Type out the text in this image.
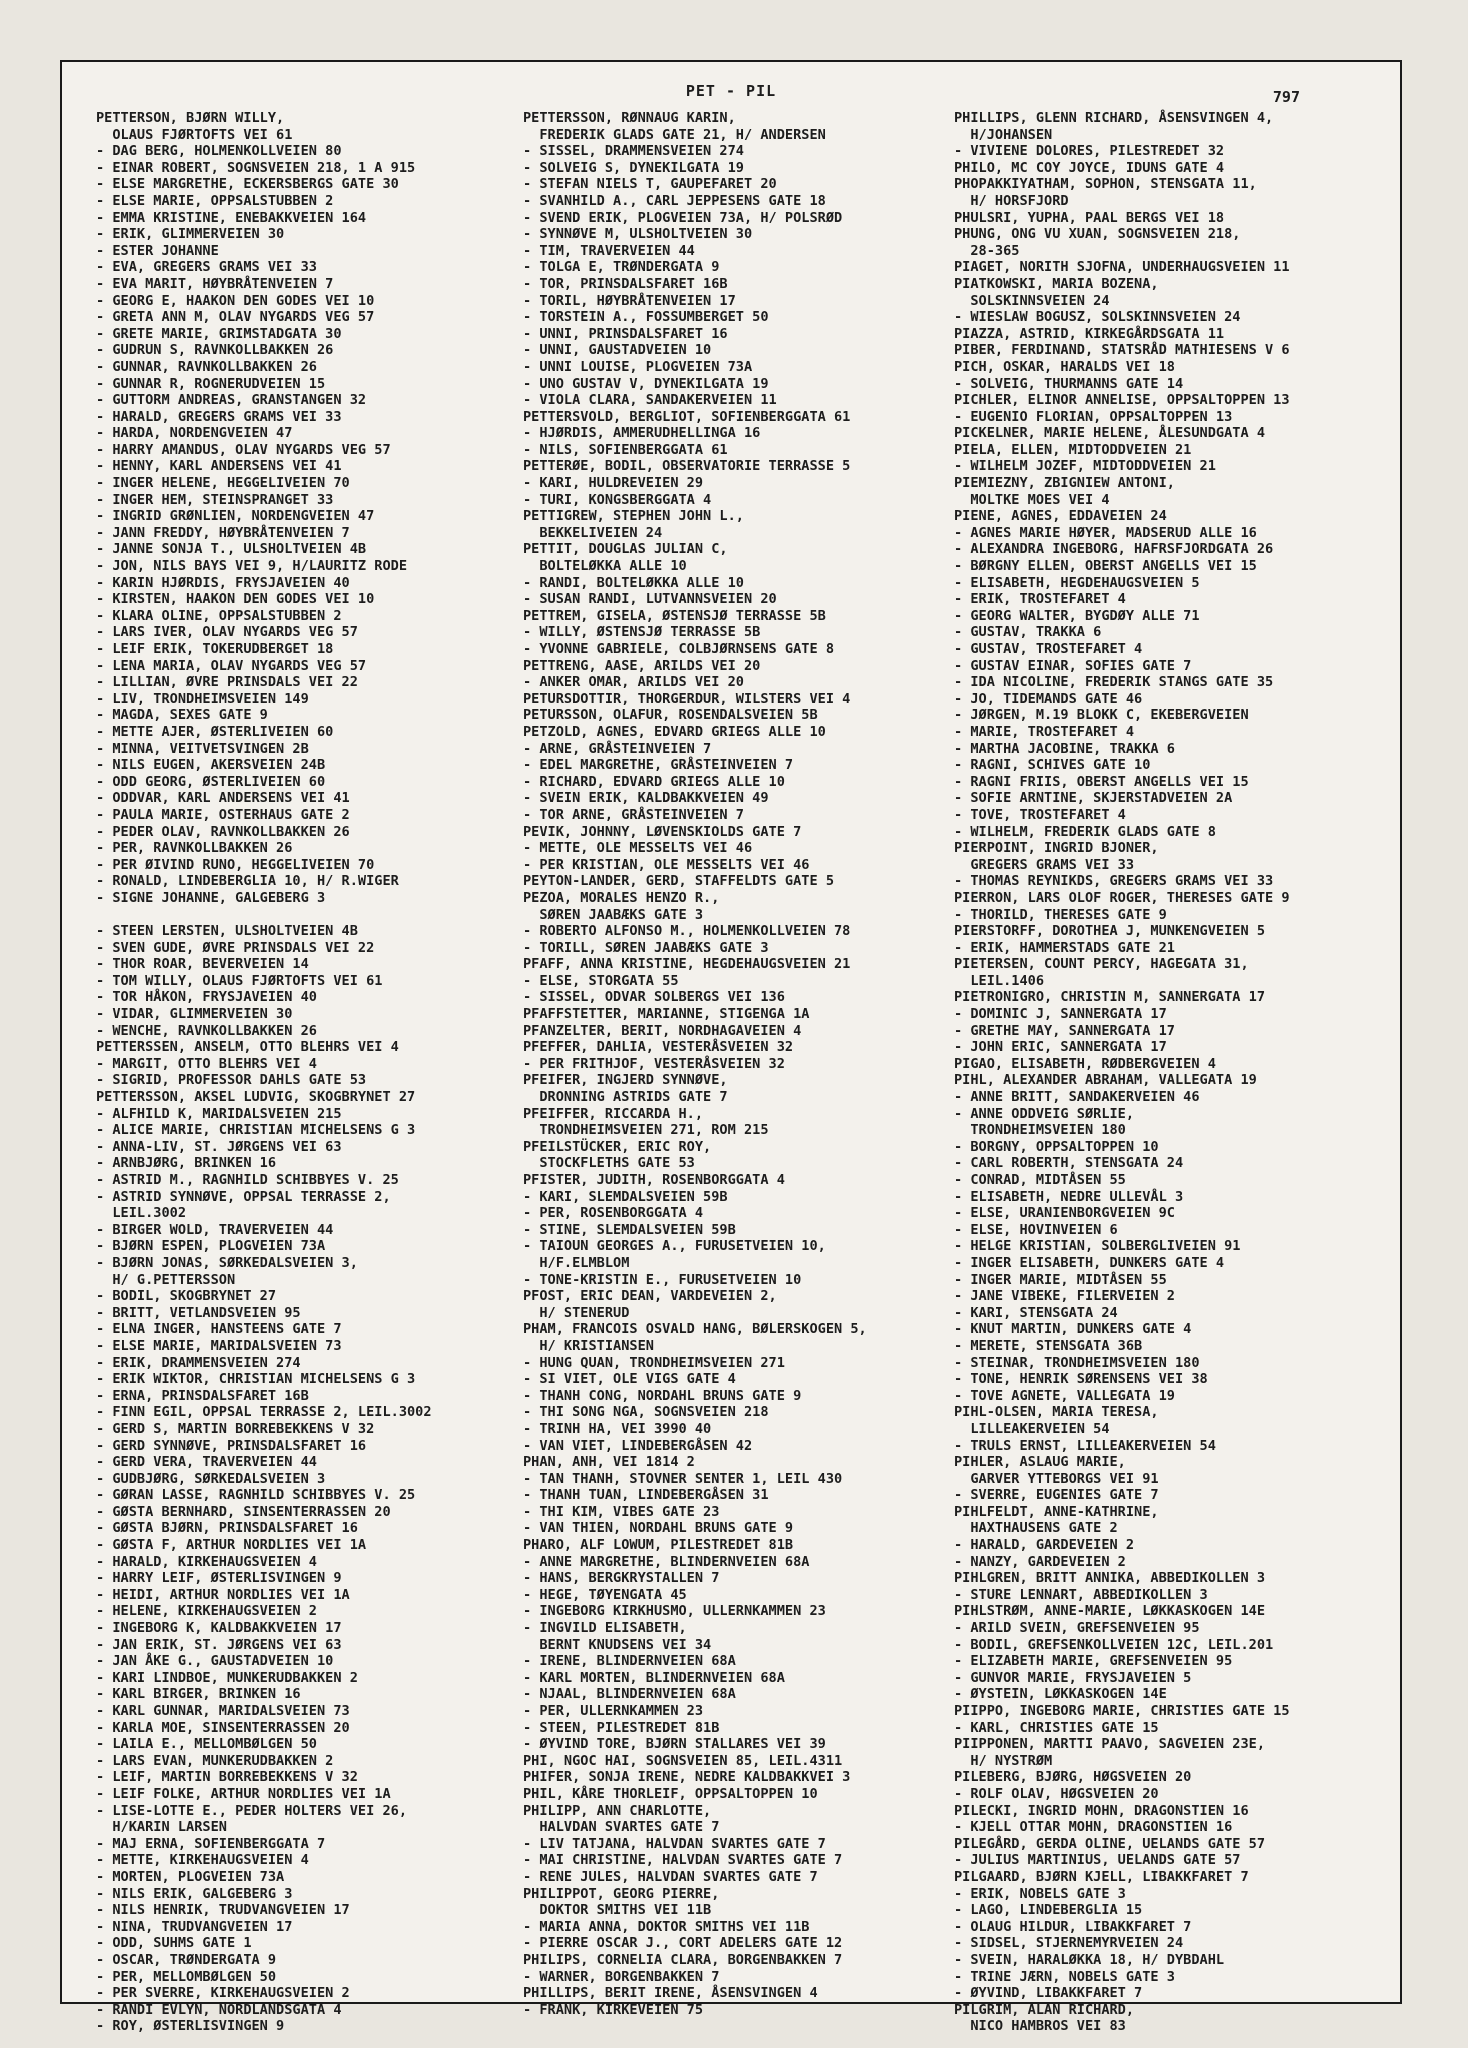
PET - PIL	797
PETTERSON, BJØRN WILLY,
OLAUS FJØRTOFTS VEI 61
- DAG BERG, HOLMENKOLLVEIEN 80
- EINAR ROBERT, SOGNSVEIEN 218, 1 A 915
- ELSE MARGRETHE, ECKERSBERGS GATE 30
- ELSE MARIE, OPPSALSTUBBEN 2
- EMMA KRISTINE, ENEBAKKVEIEN 164
- ERIK, GLIMMERVEIEN 30
- ESTER JOHANNE
- EVA, GREGERS GRAMS VEI 33
- EVA MARIT, HØYBRÅTENVEIEN 7
- GEORG E, HAAKON DEN GODES VEI 10
- GRETA ANN M, OLAV NYGARDS VEG 57
- GRETE MARIE, GRIMSTADGATA 30
- GUDRUN S, RAVNKOLLBAKKEN 26
- GUNNAR, RAVNKOLLBAKKEN 26
- GUNNAR R, ROGNERUDVEIEN 15
- GUTTORM ANDREAS, GRANSTANGEN 32
- HARALD, GREGERS GRAMS VEI 33
- HARDA, NORDENGVEIEN 47
- HARRY AMANDUS, OLAV NYGARDS VEG 57
- HENNY, KARL ANDERSENS VEI 41
- INGER HELENE, HEGGELIVEIEN 70
- INGER HEM, STEINSPRANGET 33
- INGRID GRØNLIEN, NORDENGVEIEN 47
- JANN FREDDY, HØYBRÅTENVEIEN 7
- JANNE SONJA T., ULSHOLTVEIEN 4B
- JON, NILS BAYS VEI 9, H/LAURITZ RODE
- KARIN HJØRDIS, FRYSJAVEIEN 40
- KIRSTEN, HAAKON DEN GODES VEI 10
- KLARA OLINE, OPPSALSTUBBEN 2
- LARS IVER, OLAV NYGARDS VEG 57
- LEIF ERIK, TOKERUDBERGET 18
- LENA MARIA, OLAV NYGARDS VEG 57
- LILLIAN, ØVRE PRINSDALS VEI 22
- LIV, TRONDHEIMSVEIEN 149
- MAGDA, SEXES GATE 9
- METTE AJER, ØSTERLIVEIEN 60
- MINNA, VEITVETSVINGEN 2B
- NILS EUGEN, AKERSVEIEN 24B
- ODD GEORG, ØSTERLIVEIEN 60
- ODDVAR, KARL ANDERSENS VEI 41
- PAULA MARIE, OSTERHAUS GATE 2
- PEDER OLAV, RAVNKOLLBAKKEN 26
- PER, RAVNKOLLBAKKEN 26
- PER ØIVIND RUNO, HEGGELIVEIEN 70
- RONALD, LINDEBERGLIA 10, H/ R.WIGER
- SIGNE JOHANNE, GALGEBERG 3
- STEEN LERSTEN, ULSHOLTVEIEN 4B
- SVEN GUDE, ØVRE PRINSDALS VEI 22
- THOR ROAR, BEVERVEIEN 14
- TOM WILLY, OLAUS FJØRTOFTS VEI 61
- TOR HÅKON, FRYSJAVEIEN 40
- VIDAR, GLIMMERVEIEN 30
- WENCHE, RAVNKOLLBAKKEN 26
PETTERSSEN, ANSELM, OTTO BLEHRS VEI 4
- MARGIT, OTTO BLEHRS VEI 4
- SIGRID, PROFESSOR DAHLS GATE 53
PETTERSSON, AKSEL LUDVIG, SKOGBRYNET 27
- ALFHILD K, MARIDALSVEIEN 215
- ALICE MARIE, CHRISTIAN MICHELSENS G 3
- ANNA-LIV, ST. JØRGENS VEI 63
- ARNBJØRG, BRINKEN 16
- ASTRID M., RAGNHILD SCHIBBYES V. 25
- ASTRID SYNNØVE, OPPSAL TERRASSE 2,
LEIL.3002
- BIRGER WOLD, TRAVERVEIEN 44
- BJØRN ESPEN, PLOGVEIEN 73A
- BJØRN JONAS, SØRKEDALSVEIEN 3,
H/ G.PETTERSSON
- BODIL, SKOGBRYNET 27
- BRITT, VETLANDSVEIEN 95
- ELNA INGER, HANSTEENS GATE 7
- ELSE MARIE, MARIDALSVEIEN 73
- ERIK, DRAMMENSVEIEN 274
- ERIK WIKTOR, CHRISTIAN MICHELSENS G 3
- ERNA, PRINSDALSFARET 16B
- FINN EGIL, OPPSAL TERRASSE 2, LEIL.3002
- GERD S, MARTIN BORREBEKKENS V 32
- GERD SYNNØVE, PRINSDALSFARET 16
- GERD VERA, TRAVERVEIEN 44
- GUDBJØRG, SØRKEDALSVEIEN 3
- GØRAN LASSE, RAGNHILD SCHIBBYES V. 25
- GØSTA BERNHARD, SINSENTERRASSEN 20
- GØSTA BJØRN, PRINSDALSFARET 16
- GØSTA F, ARTHUR NORDLIES VEI 1A
- HARALD, KIRKEHAUGSVEIEN 4
- HARRY LEIF, ØSTERLISVINGEN 9
- HEIDI, ARTHUR NORDLIES VEI 1A
- HELENE, KIRKEHAUGSVEIEN 2
- INGEBORG K, KALDBAKKVEIEN 17
- JAN ERIK, ST. JØRGENS VEI 63
- JAN ÅKE G., GAUSTADVEIEN 10
- KARI LINDBOE, MUNKERUDBAKKEN 2
- KARL BIRGER, BRINKEN 16
- KARL GUNNAR, MARIDALSVEIEN 73
- KARLA MOE, SINSENTERRASSEN 20
- LAILA E., MELLOMBØLGEN 50
- LARS EVAN, MUNKERUDBAKKEN 2
- LEIF, MARTIN BORREBEKKENS V 32
- LEIF FOLKE, ARTHUR NORDLIES VEI 1A
- LISE-LOTTE E., PEDER HOLTERS VEI 26,
H/KARIN LARSEN
- MAJ ERNA, SOFIENBERGGATA 7
- METTE, KIRKEHAUGSVEIEN 4
- MORTEN, PLOGVEIEN 73A
- NILS ERIK, GALGEBERG 3
- NILS HENRIK, TRUDVANGVEIEN 17
- NINA, TRUDVANGVEIEN 17
- ODD, SUHMS GATE 1
- OSCAR, TRØNDERGATA 9
- PER, MELLOMBØLGEN 50
- PER SVERRE, KIRKEHAUGSVEIEN 2
- RANDI EVLYN, NORDLANDSGATA 4
- ROY, ØSTERLISVINGEN 9
PETTERSSON, RØNNAUG KARIN,
FREDERIK GLADS GATE 21, H/ ANDERSEN
- SISSEL, DRAMMENSVEIEN 274
- SOLVEIG S, DYNEKILGATA 19
- STEFAN NIELS T, GAUPEFARET 20
- SVANHILD A., CARL JEPPESENS GATE 18
- SVEND ERIK, PLOGVEIEN 73A, H/ POLSRØD
- SYNNØVE M, ULSHOLTVEIEN 30
- TIM, TRAVERVEIEN 44
- TOLGA E, TRØNDERGATA 9
- TOR, PRINSDALSFARET 16B
- TORIL, HØYBRÅTENVEIEN 17
- TORSTEIN A., FOSSUMBERGET 50
- UNNI, PRINSDALSFARET 16
- UNNI, GAUSTADVEIEN 10
- UNNI LOUISE, PLOGVEIEN 73A
- UNO GUSTAV V, DYNEKILGATA 19
- VIOLA CLARA, SANDAKERVEIEN 11
PETTERSVOLD, BERGLIOT, SOFIENBERGGATA 61
- HJØRDIS, AMMERUDHELLINGA 16
- NILS, SOFIENBERGGATA 61
PETTERØE, BODIL, OBSERVATORIE TERRASSE 5
- KARI, HULDREVEIEN 29
- TURI, KONGSBERGGATA 4
PETTIGREW, STEPHEN JOHN L.,
BEKKELIVEIEN 24
PETTIT, DOUGLAS JULIAN C,
BOLTELØKKA ALLE 10
- RANDI, BOLTELØKKA ALLE 10
- SUSAN RANDI, LUTVANNSVEIEN 20
PETTREM, GISELA, ØSTENSJØ TERRASSE 5B
- WILLY, ØSTENSJØ TERRASSE 5B
- YVONNE GABRIELE, COLBJØRNSENS GATE 8
PETTRENG, AASE, ARILDS VEI 20
- ANKER OMAR, ARILDS VEI 20
PETURSDOTTIR, THORGERDUR, WILSTERS VEI 4
PETURSSON, OLAFUR, ROSENDALSVEIEN 5B
PETZOLD, AGNES, EDVARD GRIEGS ALLE 10
- ARNE, GRÅSTEINVEIEN 7
- EDEL MARGRETHE, GRÅSTEINVEIEN 7
- RICHARD, EDVARD GRIEGS ALLE 10
- SVEIN ERIK, KALDBAKKVEIEN 49
- TOR ARNE, GRÅSTEINVEIEN 7
PEVIK, JOHNNY, LØVENSKIOLDS GATE 7
- METTE, OLE MESSELTS VEI 46
- PER KRISTIAN, OLE MESSELTS VEI 46
PEYTON-LANDER, GERD, STAFFELDTS GATE 5
PEZOA, MORALES HENZO R.,
SØREN JAABÆKS GATE 3
- ROBERTO ALFONSO M., HOLMENKOLLVEIEN 78
- TORILL, SØREN JAABÆKS GATE 3
PFAFF, ANNA KRISTINE, HEGDEHAUGSVEIEN 21
- ELSE, STORGATA 55
- SISSEL, ODVAR SOLBERGS VEI 136
PFAFFSTETTER, MARIANNE, STIGENGA 1A
PFANZELTER, BERIT, NORDHAGAVEIEN 4
PFEFFER, DAHLIA, VESTERÅSVEIEN 32
- PER FRITHJOF, VESTERÅSVEIEN 32
PFEIFER, INGJERD SYNNØVE,
DRONNING ASTRIDS GATE 7
PFEIFFER, RICCARDA H.,
TRONDHEIMSVEIEN 271, ROM 215
PFEILSTÜCKER, ERIC ROY,
STOCKFLETHS GATE 53
PFISTER, JUDITH, ROSENBORGGATA 4
- KARI, SLEMDALSVEIEN 59B
- PER, ROSENBORGGATA 4
- STINE, SLEMDALSVEIEN 59B
- TAIOUN GEORGES A., FURUSETVEIEN 10,
H/F.ELMBLOM
- TONE-KRISTIN E., FURUSETVEIEN 10
PFOST, ERIC DEAN, VARDEVEIEN 2,
H/ STENERUD
PHAM, FRANCOIS OSVALD HANG, BØLERSKOGEN 5,
H/ KRISTIANSEN
- HUNG QUAN, TRONDHEIMSVEIEN 271
- SI VIET, OLE VIGS GATE 4
- THANH CONG, NORDAHL BRUNS GATE 9
- THI SONG NGA, SOGNSVEIEN 218
- TRINH HA, VEI 3990 40
- VAN VIET, LINDEBERGÅSEN 42
PHAN, ANH, VEI 1814 2
- TAN THANH, STOVNER SENTER 1, LEIL 430
- THANH TUAN, LINDEBERGÅSEN 31
- THI KIM, VIBES GATE 23
- VAN THIEN, NORDAHL BRUNS GATE 9
PHARO, ALF LOWUM, PILESTREDET 81B
- ANNE MARGRETHE, BLINDERNVEIEN 68A
- HANS, BERGKRYSTALLEN 7
- HEGE, TØYENGATA 45
- INGEBORG KIRKHUSMO, ULLERNKAMMEN 23
- INGVILD ELISABETH,
BERNT KNUDSENS VEI 34
- IRENE, BLINDERNVEIEN 68A
- KARL MORTEN, BLINDERNVEIEN 68A
- NJAAL, BLINDERNVEIEN 68A
- PER, ULLERNKAMMEN 23
- STEEN, PILESTREDET 81B
- ØYVIND TORE, BJØRN STALLARES VEI 39
PHI, NGOC HAI, SOGNSVEIEN 85, LEIL.4311
PHIFER, SONJA IRENE, NEDRE KALDBAKKVEI 3
PHIL, KÅRE THORLEIF, OPPSALTOPPEN 10
PHILIPP, ANN CHARLOTTE,
HALVDAN SVARTES GATE 7
- LIV TATJANA, HALVDAN SVARTES GATE 7
- MAI CHRISTINE, HALVDAN SVARTES GATE 7
- RENE JULES, HALVDAN SVARTES GATE 7
PHILIPPOT, GEORG PIERRE,
DOKTOR SMITHS VEI 11B
- MARIA ANNA, DOKTOR SMITHS VEI 11B
- PIERRE OSCAR J., CORT ADELERS GATE 12
PHILIPS, CORNELIA CLARA, BORGENBAKKEN 7
- WARNER, BORGENBAKKEN 7
PHILLIPS, BERIT IRENE, ÅSENSVINGEN 4
- FRANK, KIRKEVEIEN 75
PHILLIPS, GLENN RICHARD, ÅSENSVINGEN 4,
H/JOHANSEN
- VIVIENE DOLORES, PILESTREDET 32
PHILO, MC COY JOYCE, IDUNS GATE 4
PHOPAKKIYATHAM, SOPHON, STENSGATA 11,
H/ HORSFJORD
PHULSRI, YUPHA, PAAL BERGS VEI 18
PHUNG, ONG VU XUAN, SOGNSVEIEN 218,
28-365
PIAGET, NORITH SJOFNA, UNDERHAUGSVEIEN 11
PIATKOWSKI, MARIA BOZENA,
SOLSKINNSVEIEN 24
- WIESLAW BOGUSZ, SOLSKINNSVEIEN 24
PIAZZA, ASTRID, KIRKEGÅRDSGATA 11
PIBER, FERDINAND, STATSRÅD MATHIESENS V 6
PICH, OSKAR, HARALDS VEI 18
- SOLVEIG, THURMANNS GATE 14
PICHLER, ELINOR ANNELISE, OPPSALTOPPEN 13
- EUGENIO FLORIAN, OPPSALTOPPEN 13
PICKELNER, MARIE HELENE, ÅLESUNDGATA 4
PIELA, ELLEN, MIDTODDVEIEN 21
- WILHELM JOZEF, MIDTODDVEIEN 21
PIEMIEZNY, ZBIGNIEW ANTONI,
MOLTKE MOES VEI 4
PIENE, AGNES, EDDAVEIEN 24
- AGNES MARIE HØYER, MADSERUD ALLE 16
- ALEXANDRA INGEBORG, HAFRSFJORDGATA 26
- BØRGNY ELLEN, OBERST ANGELLS VEI 15
- ELISABETH, HEGDEHAUGSVEIEN 5
- ERIK, TROSTEFARET 4
- GEORG WALTER, BYGDØY ALLE 71
- GUSTAV, TRAKKA 6
- GUSTAV, TROSTEFARET 4
- GUSTAV EINAR, SOFIES GATE 7
- IDA NICOLINE, FREDERIK STANGS GATE 35
- JO, TIDEMANDS GATE 46
- JØRGEN, M.19 BLOKK C, EKEBERGVEIEN
- MARIE, TROSTEFARET 4
- MARTHA JACOBINE, TRAKKA 6
- RAGNI, SCHIVES GATE 10
- RAGNI FRIIS, OBERST ANGELLS VEI 15
- SOFIE ARNTINE, SKJERSTADVEIEN 2A
- TOVE, TROSTEFARET 4
- WILHELM, FREDERIK GLADS GATE 8
PIERPOINT, INGRID BJONER,
GREGERS GRAMS VEI 33
- THOMAS REYNIKDS, GREGERS GRAMS VEI 33
PIERRON, LARS OLOF ROGER, THERESES GATE 9
- THORILD, THERESES GATE 9
PIERSTORFF, DOROTHEA J, MUNKENGVEIEN 5
- ERIK, HAMMERSTADS GATE 21
PIETERSEN, COUNT PERCY, HAGEGATA 31,
LEIL.1406
PIETRONIGRO, CHRISTIN M, SANNERGATA 17
- DOMINIC J, SANNERGATA 17
- GRETHE MAY, SANNERGATA 17
- JOHN ERIC, SANNERGATA 17
PIGAO, ELISABETH, RØDBERGVEIEN 4
PIHL, ALEXANDER ABRAHAM, VALLEGATA 19
- ANNE BRITT, SANDAKERVEIEN 46
- ANNE ODDVEIG SØRLIE,
TRONDHEIMSVEIEN 180
- BORGNY, OPPSALTOPPEN 10
- CARL ROBERTH, STENSGATA 24
- CONRAD, MIDTÅSEN 55
- ELISABETH, NEDRE ULLEVÅL 3
- ELSE, URANIENBORGVEIEN 9C
- ELSE, HOVINVEIEN 6
- HELGE KRISTIAN, SOLBERGLIVEIEN 91
- INGER ELISABETH, DUNKERS GATE 4
- INGER MARIE, MIDTÅSEN 55
- JANE VIBEKE, FILERVEIEN 2
- KARI, STENSGATA 24
- KNUT MARTIN, DUNKERS GATE 4
- MERETE, STENSGATA 36B
- STEINAR, TRONDHEIMSVEIEN 180
- TONE, HENRIK SØRENSENS VEI 38
- TOVE AGNETE, VALLEGATA 19
PIHL-OLSEN, MARIA TERESA,
LILLEAKERVEIEN 54
- TRULS ERNST, LILLEAKERVEIEN 54
PIHLER, ASLAUG MARIE,
GARVER YTTEBORGS VEI 91
- SVERRE, EUGENIES GATE 7
PIHLFELDT, ANNE-KATHRINE,
HAXTHAUSENS GATE 2
- HARALD, GARDEVEIEN 2
- NANZY, GARDEVEIEN 2
PIHLGREN, BRITT ANNIKA, ABBEDIKOLLEN 3
- STURE LENNART, ABBEDIKOLLEN 3
PIHLSTRØM, ANNE-MARIE, LØKKASKOGEN 14E
- ARILD SVEIN, GREFSENVEIEN 95
- BODIL, GREFSENKOLLVEIEN 12C, LEIL.201
- ELIZABETH MARIE, GREFSENVEIEN 95
- GUNVOR MARIE, FRYSJAVEIEN 5
- ØYSTEIN, LØKKASKOGEN 14E
PIIPPO, INGEBORG MARIE, CHRISTIES GATE 15
- KARL, CHRISTIES GATE 15
PIIPPONEN, MARTTI PAAVO, SAGVEIEN 23E,
H/ NYSTRØM
PILEBERG, BJØRG, HØGSVEIEN 20
- ROLF OLAV, HØGSVEIEN 20
PILECKI, INGRID MOHN, DRAGONSTIEN 16
- KJELL OTTAR MOHN, DRAGONSTIEN 16
PILEGÅRD, GERDA OLINE, UELANDS GATE 57
- JULIUS MARTINIUS, UELANDS GATE 57
PILGAARD, BJØRN KJELL, LIBAKKFARET 7
- ERIK, NOBELS GATE 3
- LAGO, LINDEBERGLIA 15
- OLAUG HILDUR, LIBAKKFARET 7
- SIDSEL, STJERNEMYRVEIEN 24
- SVEIN, HARALØKKA 18, H/ DYBDAHL
- TRINE JÆRN, NOBELS GATE 3
- ØYVIND, LIBAKKFARET 7
PILGRIM, ALAN RICHARD,
NICO HAMBROS VEI 83
